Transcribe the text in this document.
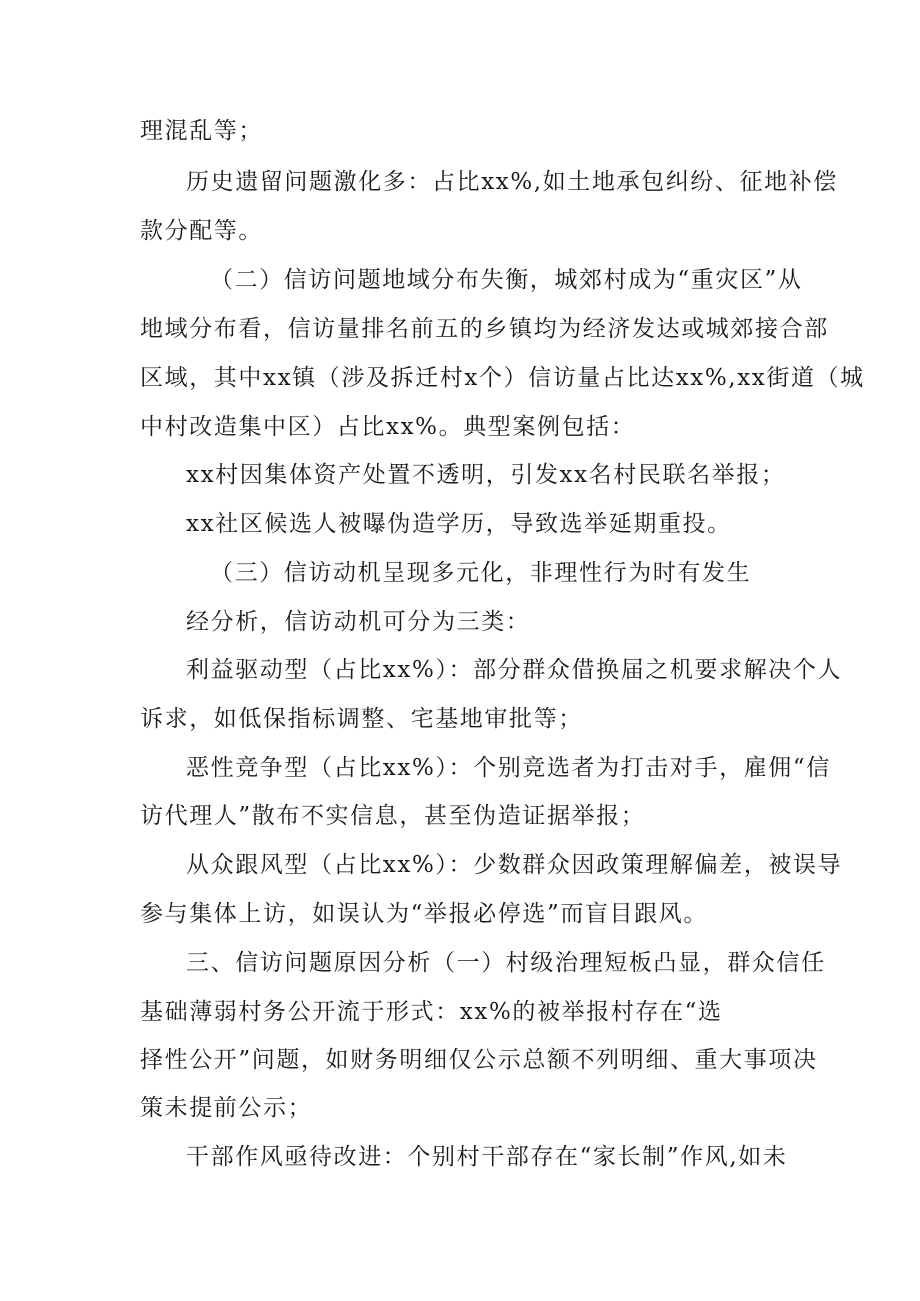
理混乱等；
历史遗留问题激化多：占比xx%,如土地承包纠纷、征地补偿
款分配等。
（二）信访问题地域分布失衡，城郊村成为“重灾区”从
地域分布看，信访量排名前五的乡镇均为经济发达或城郊接合部
区域，其中xx镇（涉及拆迁村x个）信访量占比达xx%,xx街道（城
中村改造集中区）占比xx%。典型案例包括：
xx村因集体资产处置不透明，引发xx名村民联名举报；
xx社区候选人被曝伪造学历，导致选举延期重投。
（三）信访动机呈现多元化，非理性行为时有发生
经分析，信访动机可分为三类：
利益驱动型（占比xx%）：部分群众借换届之机要求解决个人
诉求，如低保指标调整、宅基地审批等；
恶性竞争型（占比xx%）：个别竞选者为打击对手，雇佣“信
访代理人”散布不实信息，甚至伪造证据举报；
从众跟风型（占比xx%）：少数群众因政策理解偏差，被误导
参与集体上访，如误认为“举报必停选”而盲目跟风。
三、信访问题原因分析（一）村级治理短板凸显，群众信任
基础薄弱村务公开流于形式：xx%的被举报村存在“选
择性公开”问题，如财务明细仅公示总额不列明细、重大事项决
策未提前公示；
干部作风亟待改进：个别村干部存在“家长制”作风,如未
